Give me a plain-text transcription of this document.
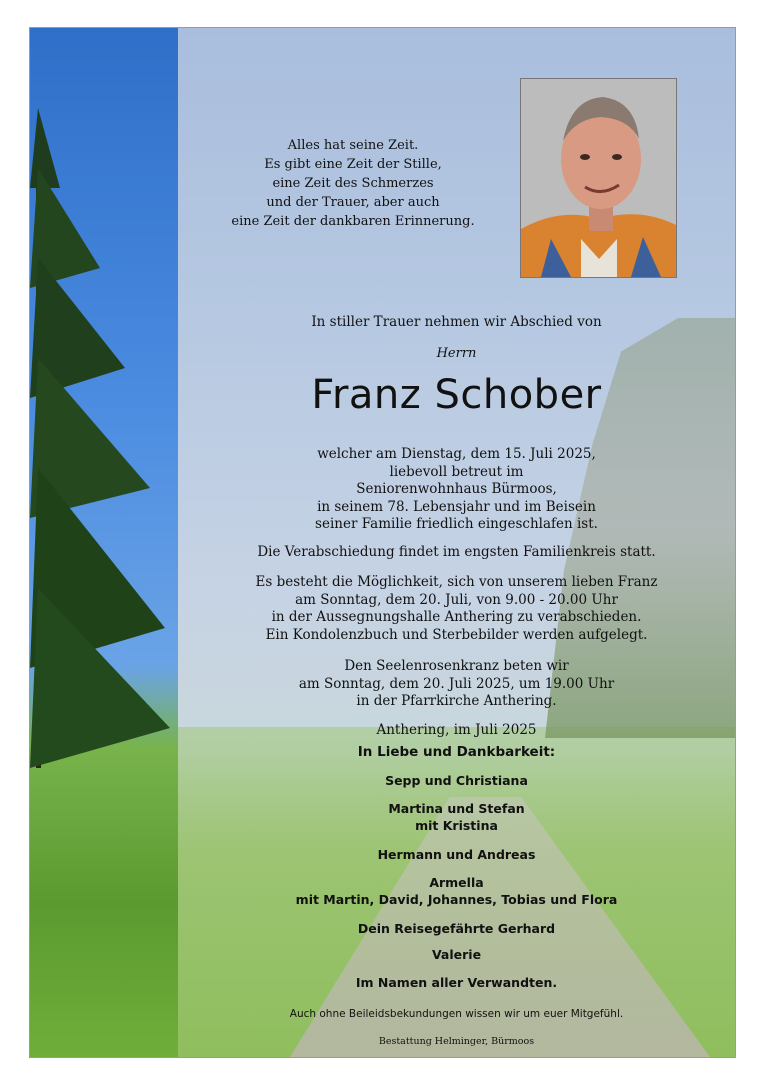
Alles hat seine Zeit.
Es gibt eine Zeit der Stille,
eine Zeit des Schmerzes
und der Trauer, aber auch
eine Zeit der dankbaren Erinnerung.
In stiller Trauer nehmen wir Abschied von
Herrn
Franz Schober
welcher am Dienstag, dem 15. Juli 2025,
liebevoll betreut im
Seniorenwohnhaus Bürmoos,
in seinem 78. Lebensjahr und im Beisein
seiner Familie friedlich eingeschlafen ist.
Die Verabschiedung findet im engsten Familienkreis statt.
Es besteht die Möglichkeit, sich von unserem lieben Franz
am Sonntag, dem 20. Juli, von 9.00 - 20.00 Uhr
in der Aussegnungshalle Anthering zu verabschieden.
Ein Kondolenzbuch und Sterbebilder werden aufgelegt.
Den Seelenrosenkranz beten wir
am Sonntag, dem 20. Juli 2025, um 19.00 Uhr
in der Pfarrkirche Anthering.
Anthering, im Juli 2025
In Liebe und Dankbarkeit:
Sepp und Christiana
Martina und Stefan
mit Kristina
Hermann und Andreas
Armella
mit Martin, David, Johannes, Tobias und Flora
Dein Reisegefährte Gerhard
Valerie
Im Namen aller Verwandten.
Auch ohne Beileidsbekundungen wissen wir um euer Mitgefühl.
Bestattung Helminger, Bürmoos
